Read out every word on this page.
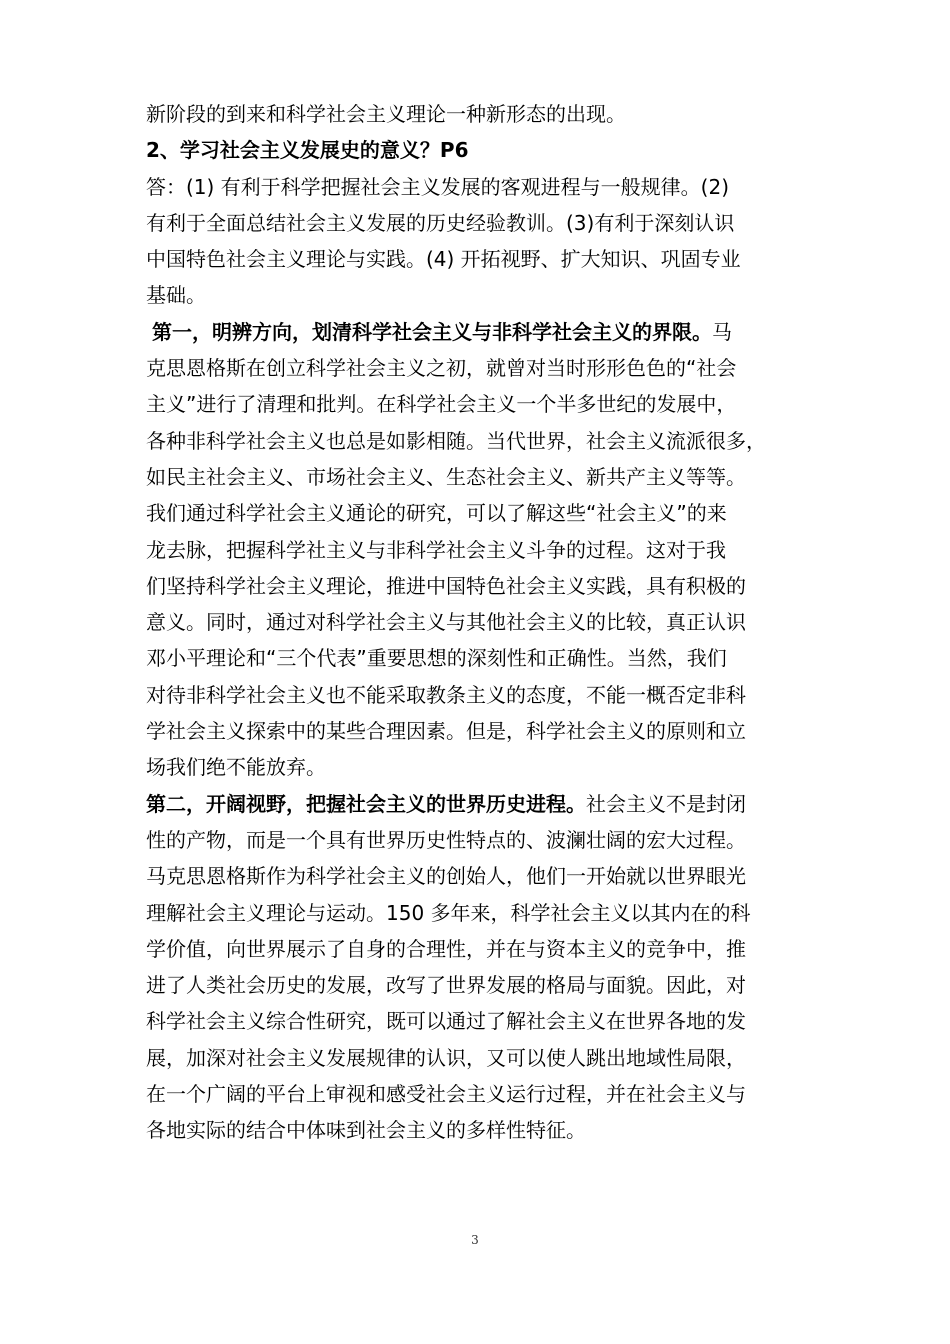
新阶段的到来和科学社会主义理论一种新形态的出现。
2、学习社会主义发展史的意义？P6
答：(1) 有利于科学把握社会主义发展的客观进程与一般规律。(2)
有利于全面总结社会主义发展的历史经验教训。(3)有利于深刻认识
中国特色社会主义理论与实践。(4) 开拓视野、扩大知识、巩固专业
基础。
第一，明辨方向，划清科学社会主义与非科学社会主义的界限。马
克思恩格斯在创立科学社会主义之初，就曾对当时形形色色的“社会
主义”进行了清理和批判。在科学社会主义一个半多世纪的发展中，
各种非科学社会主义也总是如影相随。当代世界，社会主义流派很多，
如民主社会主义、市场社会主义、生态社会主义、新共产主义等等。
我们通过科学社会主义通论的研究，可以了解这些“社会主义”的来
龙去脉，把握科学社主义与非科学社会主义斗争的过程。这对于我
们坚持科学社会主义理论，推进中国特色社会主义实践，具有积极的
意义。同时，通过对科学社会主义与其他社会主义的比较，真正认识
邓小平理论和“三个代表”重要思想的深刻性和正确性。当然，我们
对待非科学社会主义也不能采取教条主义的态度，不能一概否定非科
学社会主义探索中的某些合理因素。但是，科学社会主义的原则和立
场我们绝不能放弃。
第二，开阔视野，把握社会主义的世界历史进程。社会主义不是封闭
性的产物，而是一个具有世界历史性特点的、波澜壮阔的宏大过程。
马克思恩格斯作为科学社会主义的创始人，他们一开始就以世界眼光
理解社会主义理论与运动。150 多年来，科学社会主义以其内在的科
学价值，向世界展示了自身的合理性，并在与资本主义的竞争中，推
进了人类社会历史的发展，改写了世界发展的格局与面貌。因此，对
科学社会主义综合性研究，既可以通过了解社会主义在世界各地的发
展，加深对社会主义发展规律的认识，又可以使人跳出地域性局限，
在一个广阔的平台上审视和感受社会主义运行过程，并在社会主义与
各地实际的结合中体味到社会主义的多样性特征。
3
